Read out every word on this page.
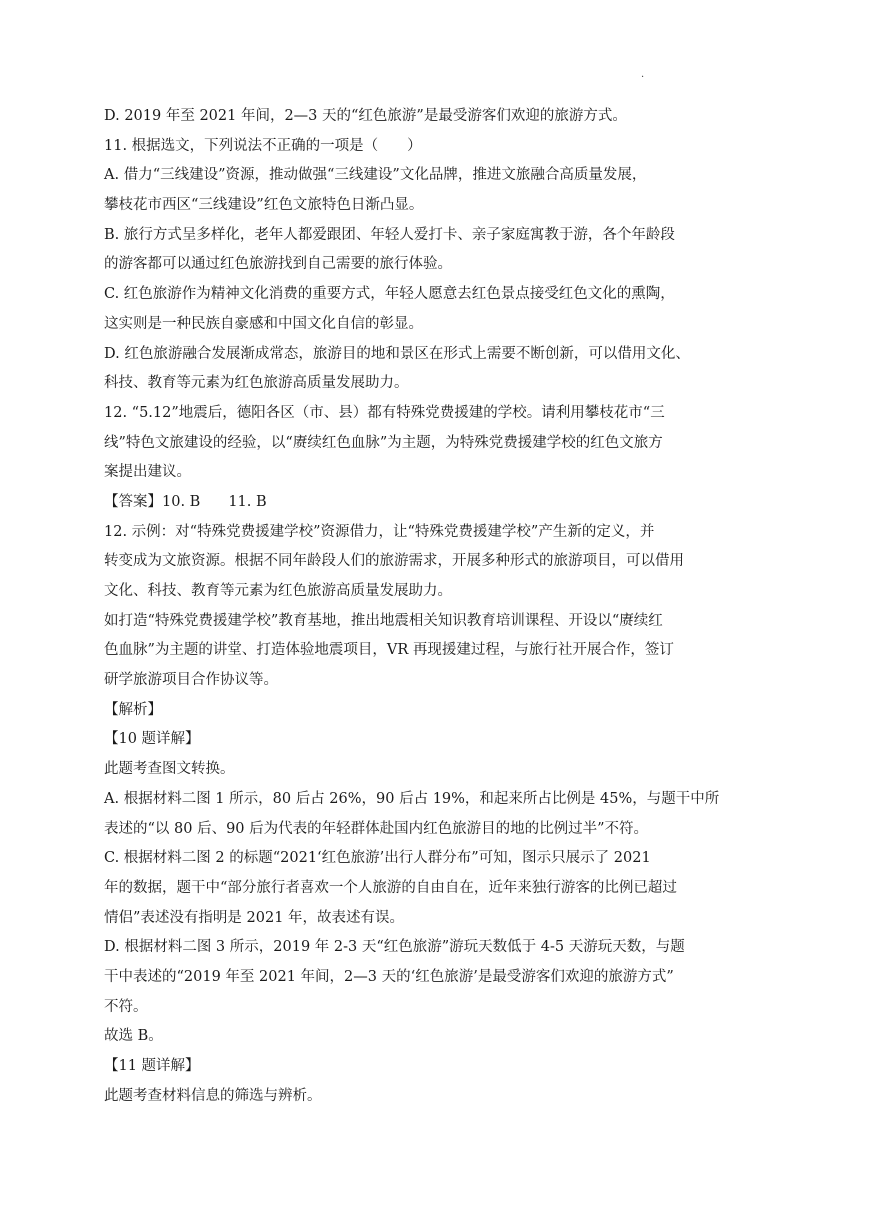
·
D. 2019 年至 2021 年间，2—3 天的“红色旅游”是最受游客们欢迎的旅游方式。
11. 根据选文，下列说法不正确的一项是（　　）
A. 借力“三线建设”资源，推动做强“三线建设”文化品牌，推进文旅融合高质量发展，
攀枝花市西区“三线建设”红色文旅特色日渐凸显。
B. 旅行方式呈多样化，老年人都爱跟团、年轻人爱打卡、亲子家庭寓教于游，各个年龄段
的游客都可以通过红色旅游找到自己需要的旅行体验。
C. 红色旅游作为精神文化消费的重要方式，年轻人愿意去红色景点接受红色文化的熏陶，
这实则是一种民族自豪感和中国文化自信的彰显。
D. 红色旅游融合发展渐成常态，旅游目的地和景区在形式上需要不断创新，可以借用文化、
科技、教育等元素为红色旅游高质量发展助力。
12. “5.12”地震后，德阳各区（市、县）都有特殊党费援建的学校。请利用攀枝花市“三
线”特色文旅建设的经验，以“赓续红色血脉”为主题，为特殊党费援建学校的红色文旅方
案提出建议。
【答案】10. B 11. B
12. 示例：对“特殊党费援建学校”资源借力，让“特殊党费援建学校”产生新的定义，并
转变成为文旅资源。根据不同年龄段人们的旅游需求，开展多种形式的旅游项目，可以借用
文化、科技、教育等元素为红色旅游高质量发展助力。
如打造“特殊党费援建学校”教育基地，推出地震相关知识教育培训课程、开设以“赓续红
色血脉”为主题的讲堂、打造体验地震项目，VR 再现援建过程，与旅行社开展合作，签订
研学旅游项目合作协议等。
【解析】
【10 题详解】
此题考查图文转换。
A. 根据材料二图 1 所示，80 后占 26%，90 后占 19%，和起来所占比例是 45%，与题干中所
表述的“以 80 后、90 后为代表的年轻群体赴国内红色旅游目的地的比例过半”不符。
C. 根据材料二图 2 的标题“2021‘红色旅游’出行人群分布”可知，图示只展示了 2021
年的数据，题干中“部分旅行者喜欢一个人旅游的自由自在，近年来独行游客的比例已超过
情侣”表述没有指明是 2021 年，故表述有误。
D. 根据材料二图 3 所示，2019 年 2-3 天“红色旅游”游玩天数低于 4-5 天游玩天数，与题
干中表述的“2019 年至 2021 年间，2—3 天的‘红色旅游’是最受游客们欢迎的旅游方式”
不符。
故选 B。
【11 题详解】
此题考查材料信息的筛选与辨析。
